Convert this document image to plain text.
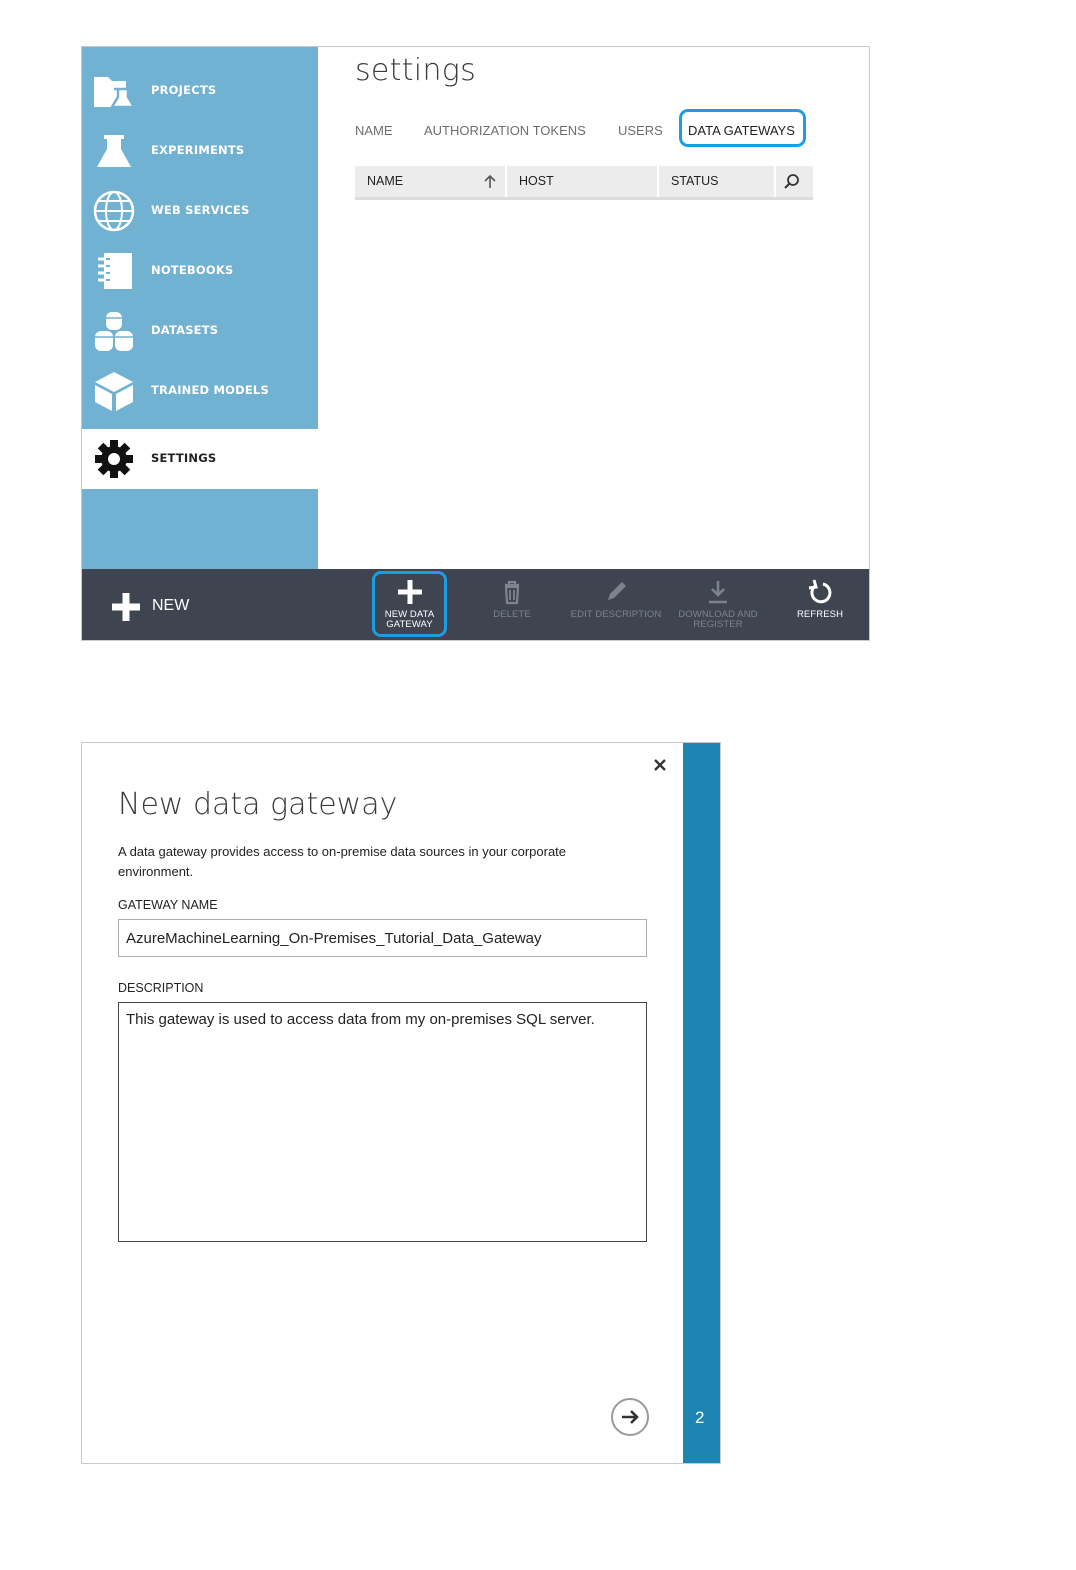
PROJECTS
EXPERIMENTS
WEB SERVICES
NOTEBOOKS
DATASETS
TRAINED MODELS
SETTINGS
settings
NAME AUTHORIZATION TOKENS USERS DATA GATEWAYS
NAME	HOST	STATUS
NEW
NEW DATA
GATEWAY
DELETE	EDIT DESCRIPTION	DOWNLOAD AND
REGISTER
REFRESH
New data gateway
A data gateway provides access to on-premise data sources in your corporate environment.
GATEWAY NAME
AzureMachineLearning_On-Premises_Tutorial_Data_Gateway
DESCRIPTION
This gateway is used to access data from my on-premises SQL server.
2
